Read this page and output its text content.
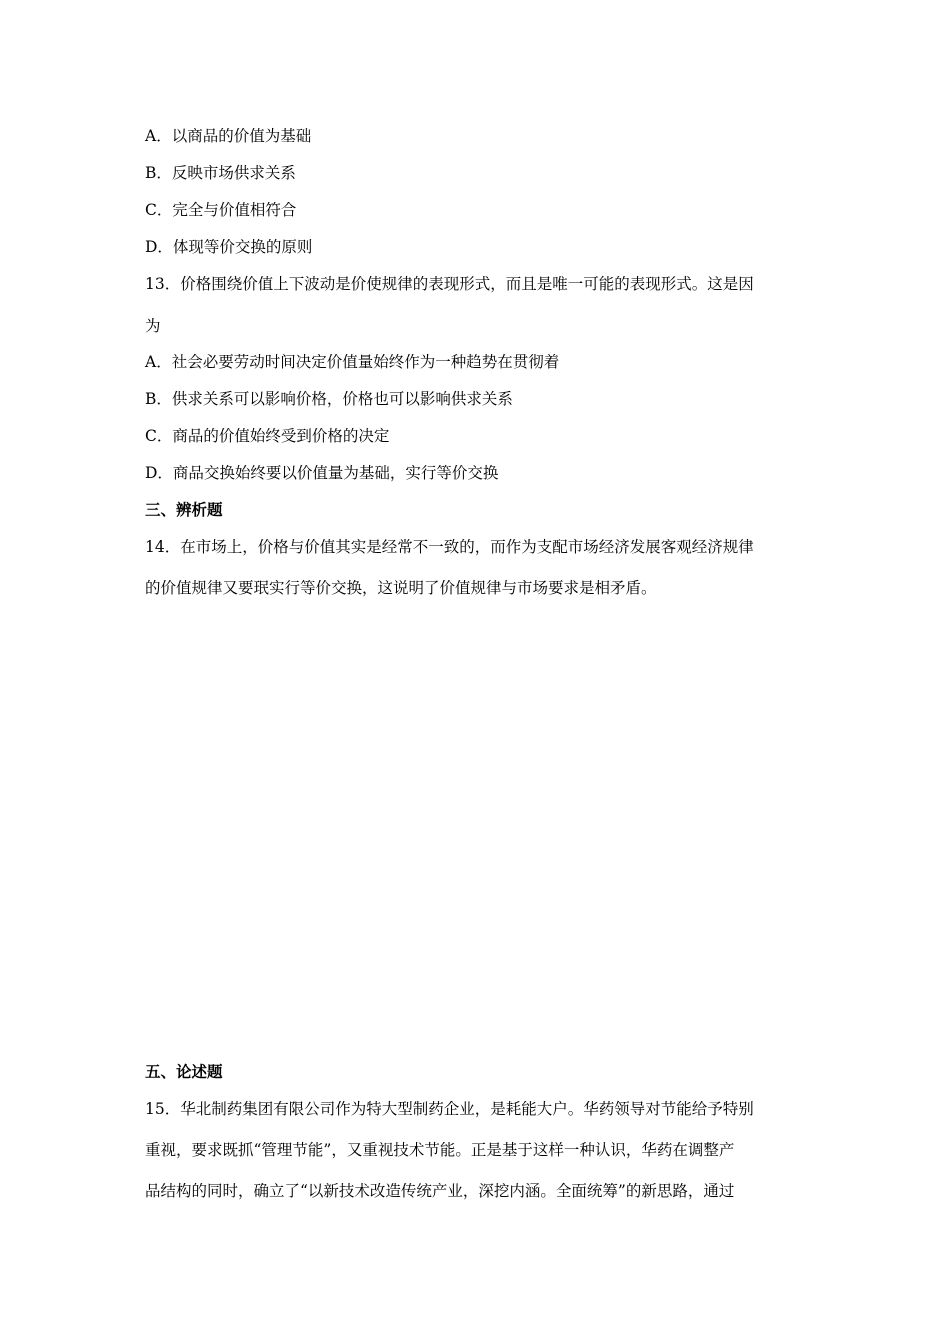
A．以商品的价值为基础
B．反映市场供求关系
C．完全与价值相符合
D．体现等价交换的原则
13．价格围绕价值上下波动是价使规律的表现形式，而且是唯一可能的表现形式。这是因
为
A．社会必要劳动时间决定价值量始终作为一种趋势在贯彻着
B．供求关系可以影响价格，价格也可以影响供求关系
C．商品的价值始终受到价格的决定
D．商品交换始终要以价值量为基础，实行等价交换
三、辨析题
14．在市场上，价格与价值其实是经常不一致的，而作为支配市场经济发展客观经济规律
的价值规律又要珉实行等价交换，这说明了价值规律与市场要求是相矛盾。
五、论述题
15．华北制药集团有限公司作为特大型制药企业，是耗能大户。华药领导对节能给予特别
重视，要求既抓“管理节能”，又重视技术节能。正是基于这样一种认识，华药在调整产
品结构的同时，确立了“以新技术改造传统产业，深挖内涵。全面统筹”的新思路，通过
